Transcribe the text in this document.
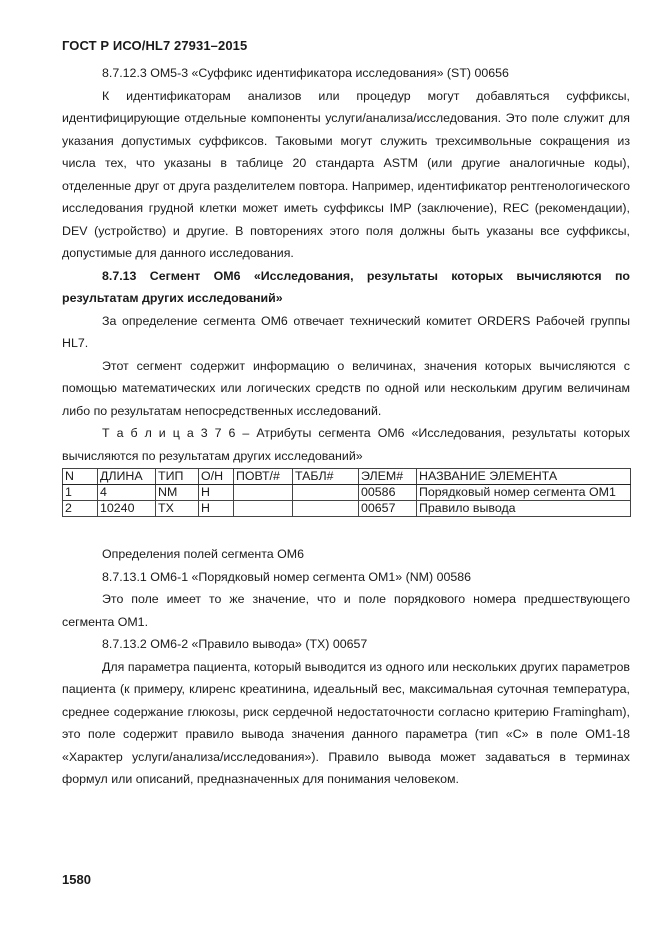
ГОСТ Р ИСО/HL7 27931–2015

8.7.12.3 OM5-3 «Суффикс идентификатора исследования» (ST) 00656

К идентификаторам анализов или процедур могут добавляться суффиксы, идентифицирующие отдельные компоненты услуги/анализа/исследования. Это поле служит для указания допустимых суффиксов. Таковыми могут служить трехсимвольные сокращения из числа тех, что указаны в таблице 20 стандарта ASTM (или другие аналогичные коды), отделенные друг от друга разделителем повтора. Например, идентификатор рентгенологического исследования грудной клетки может иметь суффиксы IMP (заключение), REC (рекомендации), DEV (устройство) и другие. В повторениях этого поля должны быть указаны все суффиксы, допустимые для данного исследования.

8.7.13 Сегмент OM6 «Исследования, результаты которых вычисляются по результатам других исследований»

За определение сегмента OM6 отвечает технический комитет ORDERS Рабочей группы HL7.

Этот сегмент содержит информацию о величинах, значения которых вычисляются с помощью математических или логических средств по одной или нескольким другим величинам либо по результатам непосредственных исследований.

Т а б л и ц а 3 7 6 – Атрибуты сегмента OM6 «Исследования, результаты которых вычисляются по результатам других исследований»

N	ДЛИНА	ТИП	О/Н	ПОВТ/#	ТАБЛ#	ЭЛЕМ#	НАЗВАНИЕ ЭЛЕМЕНТА
1	4	NM	Н			00586	Порядковый номер сегмента OM1
2	10240	TX	Н			00657	Правило вывода

Определения полей сегмента OM6

8.7.13.1 OM6-1 «Порядковый номер сегмента OM1» (NM) 00586

Это поле имеет то же значение, что и поле порядкового номера предшествующего сегмента OM1.

8.7.13.2 OM6-2 «Правило вывода» (TX) 00657

Для параметра пациента, который выводится из одного или нескольких других параметров пациента (к примеру, клиренс креатинина, идеальный вес, максимальная суточная температура, среднее содержание глюкозы, риск сердечной недостаточности согласно критерию Framingham), это поле содержит правило вывода значения данного параметра (тип «C» в поле OM1-18 «Характер услуги/анализа/исследования»). Правило вывода может задаваться в терминах формул или описаний, предназначенных для понимания человеком.

1580
